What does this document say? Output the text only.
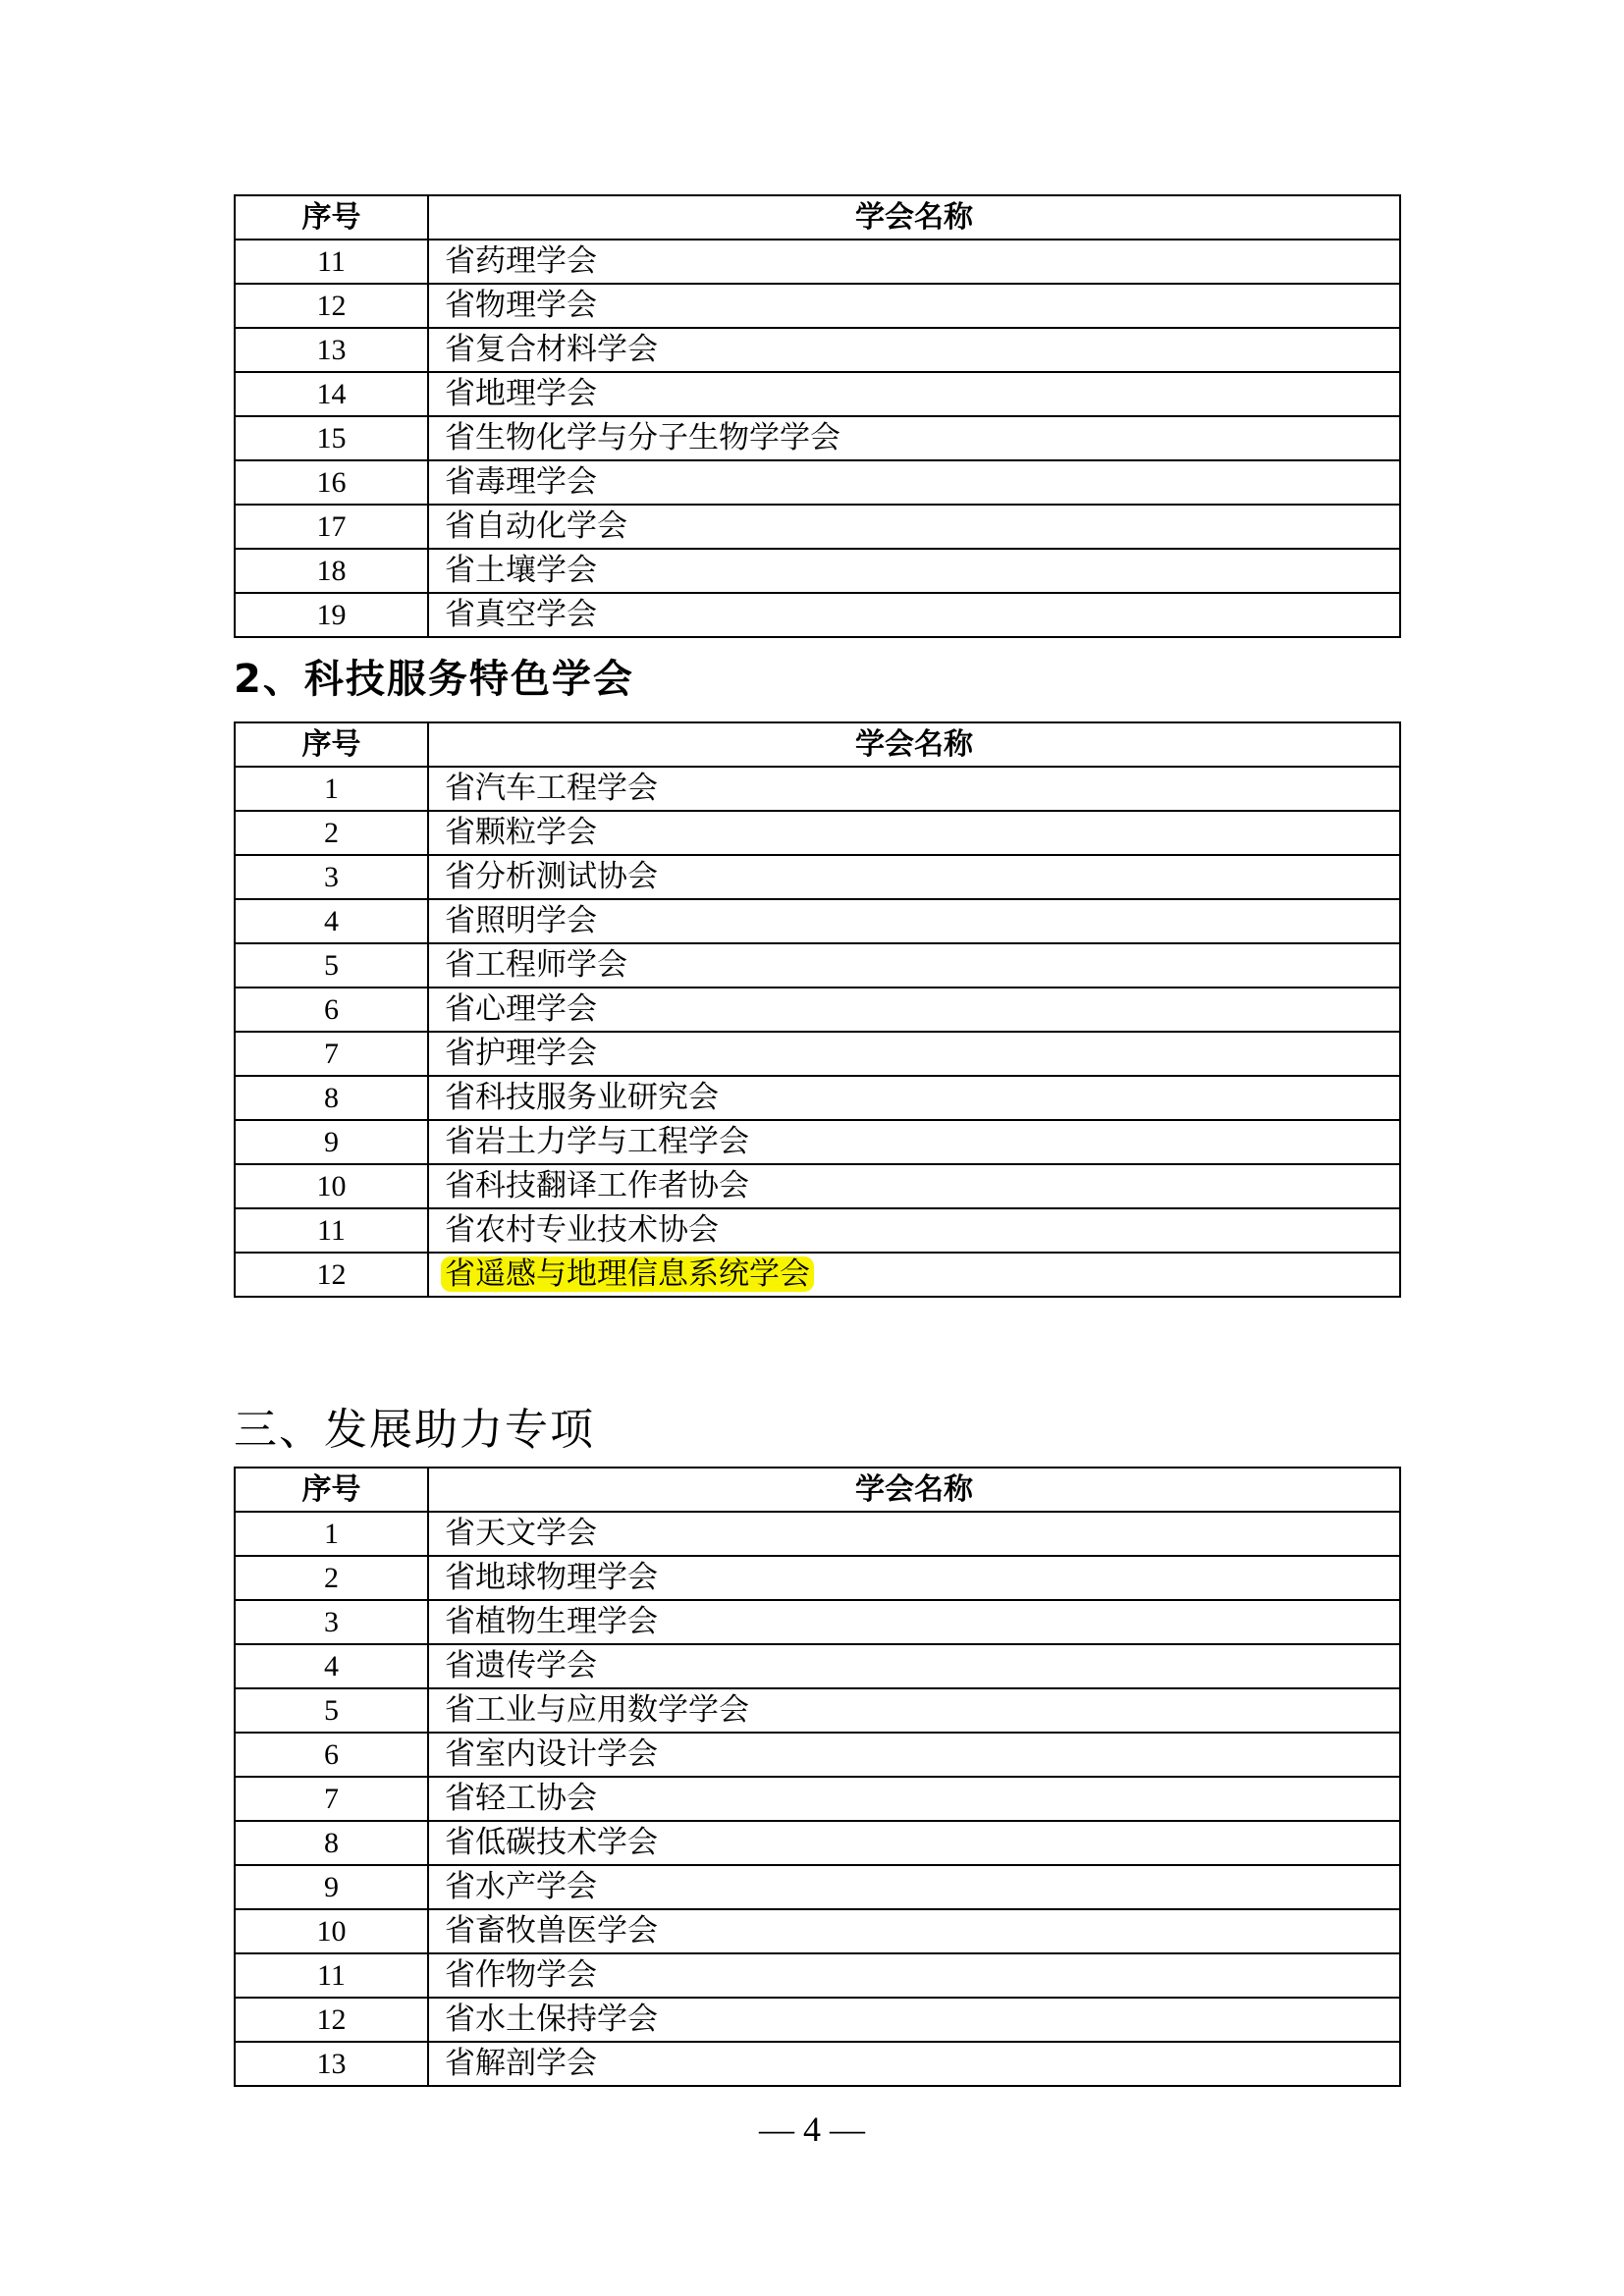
序号	学会名称
11	省药理学会
12	省物理学会
13	省复合材料学会
14	省地理学会
15	省生物化学与分子生物学学会
16	省毒理学会
17	省自动化学会
18	省土壤学会
19	省真空学会
2、科技服务特色学会
序号	学会名称
1	省汽车工程学会
2	省颗粒学会
3	省分析测试协会
4	省照明学会
5	省工程师学会
6	省心理学会
7	省护理学会
8	省科技服务业研究会
9	省岩土力学与工程学会
10	省科技翻译工作者协会
11	省农村专业技术协会
12	省遥感与地理信息系统学会
三、发展助力专项
序号	学会名称
1	省天文学会
2	省地球物理学会
3	省植物生理学会
4	省遗传学会
5	省工业与应用数学学会
6	省室内设计学会
7	省轻工协会
8	省低碳技术学会
9	省水产学会
10	省畜牧兽医学会
11	省作物学会
12	省水土保持学会
13	省解剖学会
— 4 —
